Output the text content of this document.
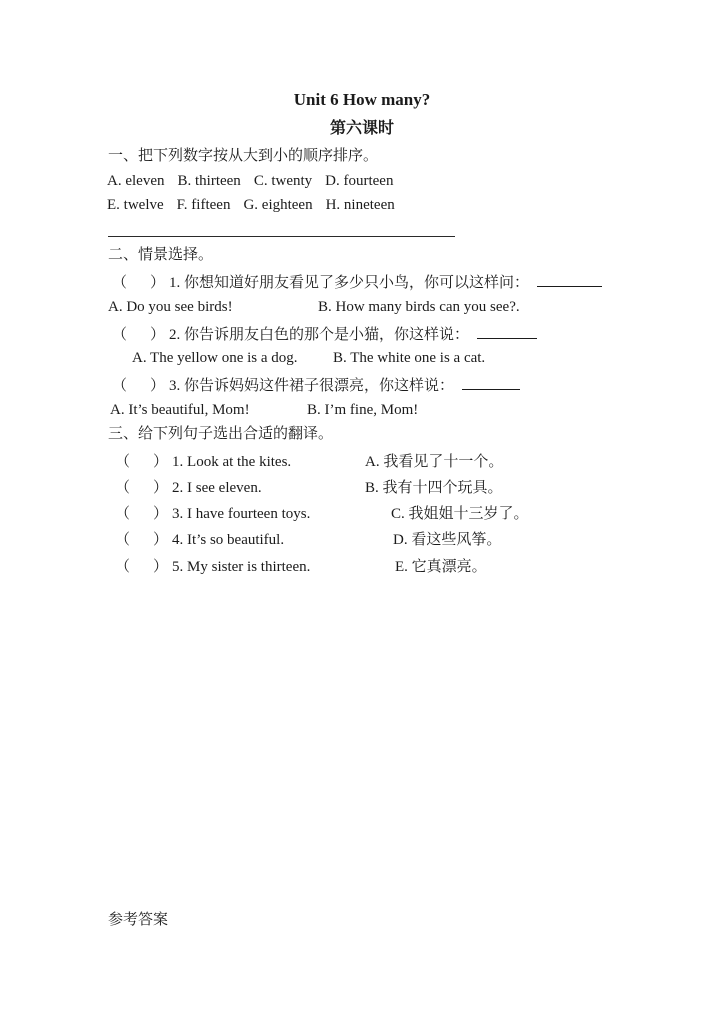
Unit 6 How many?
第六课时
一、把下列数字按从大到小的顺序排序。
A. eleven B. thirteen C. twenty D. fourteen
E. twelve F. fifteen G. eighteen H. nineteen
二、情景选择。
（ ） 1. 你想知道好朋友看见了多少只小鸟，你可以这样问：
A. Do you see birds!	B. How many birds can you see?.
（ ） 2. 你告诉朋友白色的那个是小猫，你这样说：
A. The yellow one is a dog. B. The white one is a cat.
（ ） 3. 你告诉妈妈这件裙子很漂亮，你这样说：
A. It’s beautiful, Mom!	B. I’m fine, Mom!
三、给下列句子选出合适的翻译。
（ ） 1. Look at the kites.	A. 我看见了十一个。
（ ） 2. I see eleven.	B. 我有十四个玩具。
（ ） 3. I have fourteen toys.	C. 我姐姐十三岁了。
（ ） 4. It’s so beautiful.	D. 看这些风筝。
（ ） 5. My sister is thirteen.	E. 它真漂亮。
参考答案
